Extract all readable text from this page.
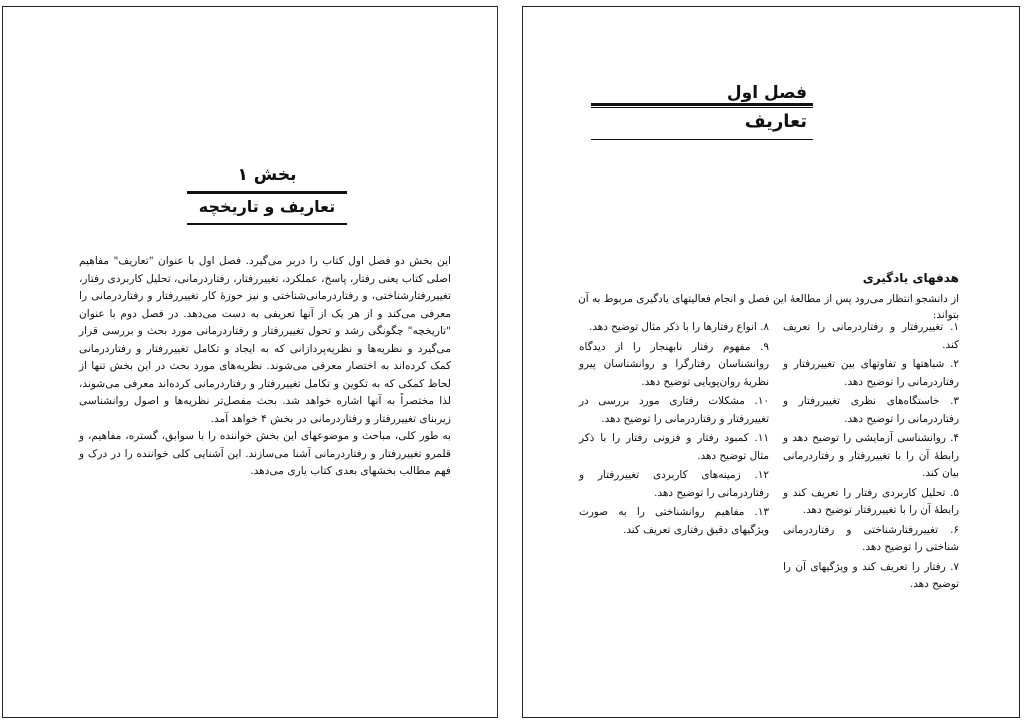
بخش ۱
تعاریف و تاریخچه

این بخش دو فصل اول کتاب را دربر می‌گیرد. فصل اول با عنوان "تعاریف" مفاهیم اصلی کتاب یعنی رفتار، پاسخ، عملکرد، تغییررفتار، رفتاردرمانی، تحلیل کاربردی رفتار، تغییررفتارشناختی، و رفتاردرمانی‌شناختی و نیز حوزهٔ کار تغییررفتار و رفتاردرمانی را معرفی می‌کند و از هر یک از آنها تعریفی به دست می‌دهد. در فصل دوم با عنوان "تاریخچه" چگونگی رشد و تحول تغییررفتار و رفتاردرمانی مورد بحث و بررسی قرار می‌گیرد و نظریه‌ها و نظریه‌پردازانی که به ایجاد و تکامل تغییررفتار و رفتاردرمانی کمک کرده‌اند به اختصار معرفی می‌شوند. نظریه‌های مورد بحث در این بخش تنها از لحاظ کمکی که به تکوین و تکامل تغییررفتار و رفتاردرمانی کرده‌اند معرفی می‌شوند، لذا مختصراً به آنها اشاره خواهد شد. بحث مفصل‌تر نظریه‌ها و اصول روانشناسی زیربنای تغییررفتار و رفتاردرمانی در بخش ۴ خواهد آمد.

به طور کلی، مباحث و موضوعهای این بخش خواننده را با سوابق، گستره، مفاهیم، و قلمرو تغییررفتار و رفتاردرمانی آشنا می‌سازند. این آشنایی کلی خواننده را در درک و فهم مطالب بخشهای بعدی کتاب یاری می‌دهد.

فصل اول
تعاریف
هدفهای یادگیری
از دانشجو انتظار می‌رود پس از مطالعهٔ این فصل و انجام فعالیتهای یادگیری مربوط به آن بتواند:

۱. تغییررفتار و رفتاردرمانی را تعریف کند.

۲. شباهتها و تفاوتهای بین تغییررفتار و رفتاردرمانی را توضیح دهد.

۳. خاستگاه‌های نظری تغییررفتار و رفتاردرمانی را توضیح دهد.

۴. روانشناسی آزمایشی را توضیح دهد و رابطهٔ آن را با تغییررفتار و رفتاردرمانی بیان کند.

۵. تحلیل کاربردی رفتار را تعریف کند و رابطهٔ آن را با تغییررفتار توضیح دهد.

۶. تغییررفتارشناختی و رفتاردرمانی شناختی را توضیح دهد.

۷. رفتار را تعریف کند و ویژگیهای آن را توضیح دهد.

۸. انواع رفتارها را با ذکر مثال توضیح دهد.

۹. مفهوم رفتار نابهنجار را از دیدگاه روانشناسان رفتارگرا و روانشناسان پیرو نظریهٔ روان‌پویایی توضیح دهد.

۱۰. مشکلات رفتاری مورد بررسی در تغییررفتار و رفتاردرمانی را توضیح دهد.

۱۱. کمبود رفتار و فزونی رفتار را با ذکر مثال توضیح دهد.

۱۲. زمینه‌های کاربردی تغییررفتار و رفتاردرمانی را توضیح دهد.

۱۳. مفاهیم روانشناختی را به صورت ویژگیهای دقیق رفتاری تعریف کند.
